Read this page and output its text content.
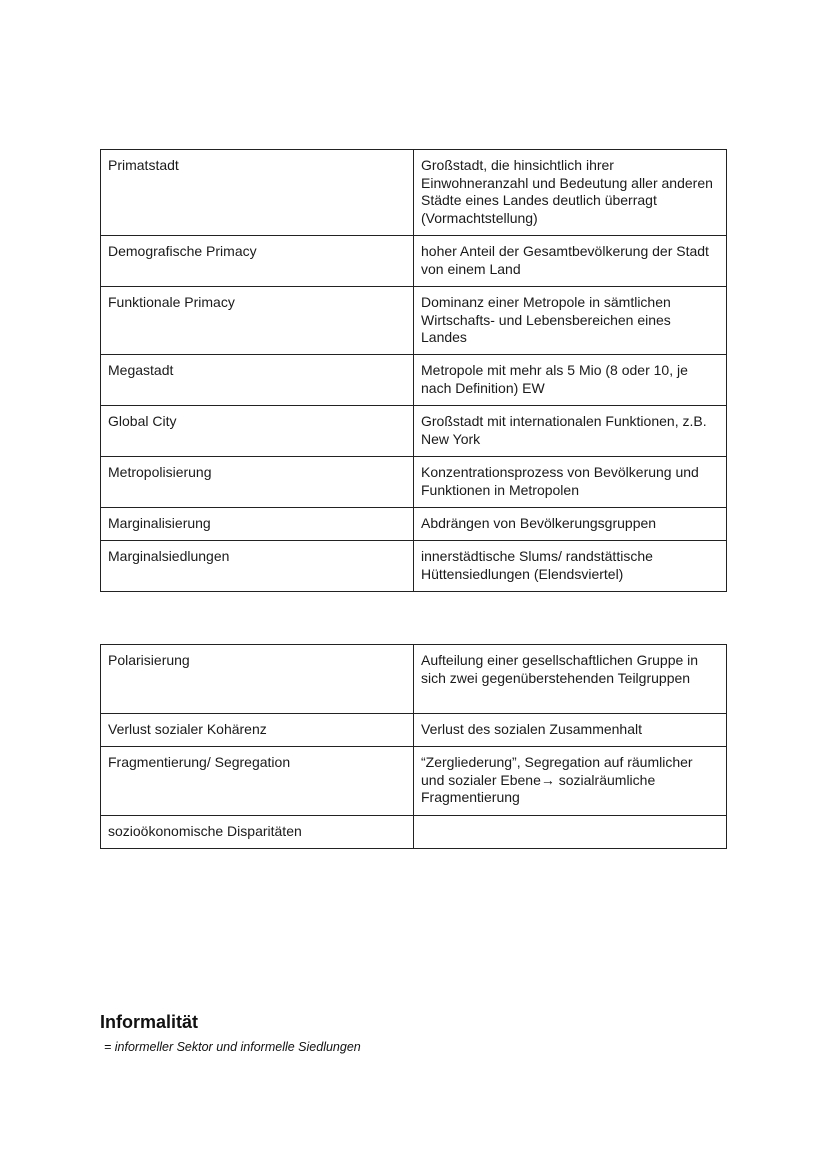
Primatstadt	Großstadt, die hinsichtlich ihrer Einwohneranzahl und Bedeutung aller anderen Städte eines Landes deutlich überragt (Vormachtstellung)
Demografische Primacy	hoher Anteil der Gesamtbevölkerung der Stadt von einem Land
Funktionale Primacy	Dominanz einer Metropole in sämtlichen Wirtschafts- und Lebensbereichen eines Landes
Megastadt	Metropole mit mehr als 5 Mio (8 oder 10, je nach Definition) EW
Global City	Großstadt mit internationalen Funktionen, z.B. New York
Metropolisierung	Konzentrationsprozess von Bevölkerung und Funktionen in Metropolen
Marginalisierung	Abdrängen von Bevölkerungsgruppen
Marginalsiedlungen	innerstädtische Slums/ randstättische Hüttensiedlungen (Elendsviertel)
Polarisierung	Aufteilung einer gesellschaftlichen Gruppe in sich zwei gegenüberstehenden Teilgruppen
Verlust sozialer Kohärenz	Verlust des sozialen Zusammenhalt
Fragmentierung/ Segregation	“Zergliederung”, Segregation auf räumlicher und sozialer Ebene→ sozialräumliche Fragmentierung
sozioökonomische Disparitäten	
Informalität
= informeller Sektor und informelle Siedlungen
